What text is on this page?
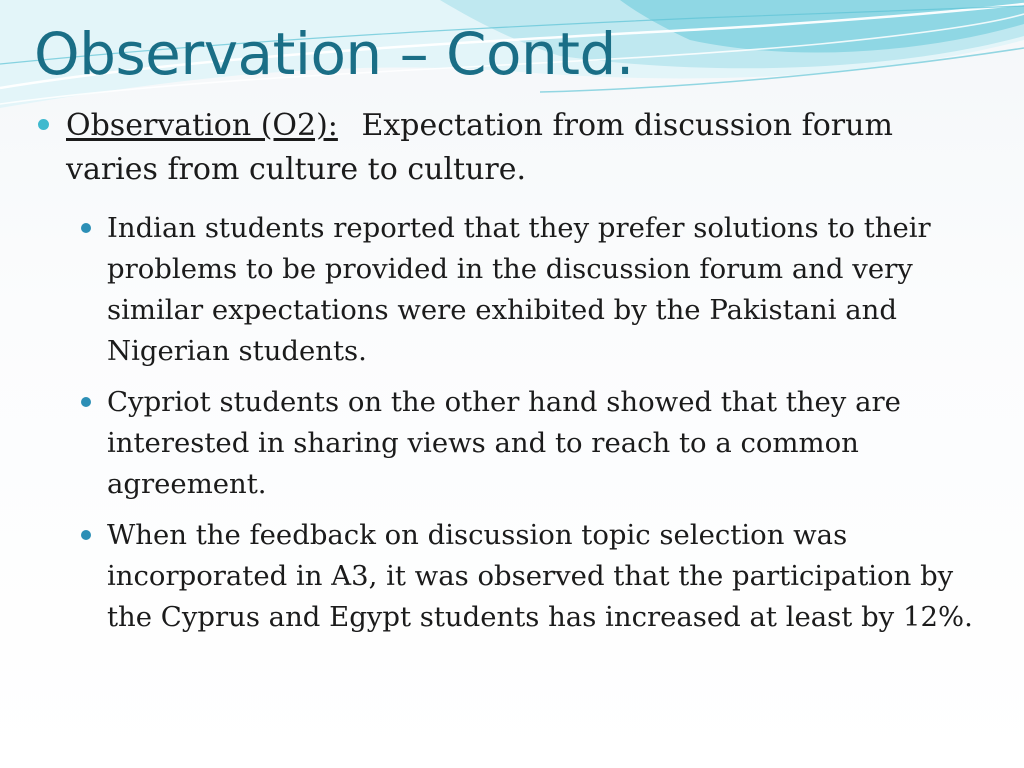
Observation – Contd.
Observation (O2): Expectation from discussion forum varies from culture to culture.
Indian students reported that they prefer solutions to their problems to be provided in the discussion forum and very similar expectations were exhibited by the Pakistani and Nigerian students.
Cypriot students on the other hand showed that they are interested in sharing views and to reach to a common agreement.
When the feedback on discussion topic selection was incorporated in A3, it was observed that the participation by the Cyprus and Egypt students has increased at least by 12%.
